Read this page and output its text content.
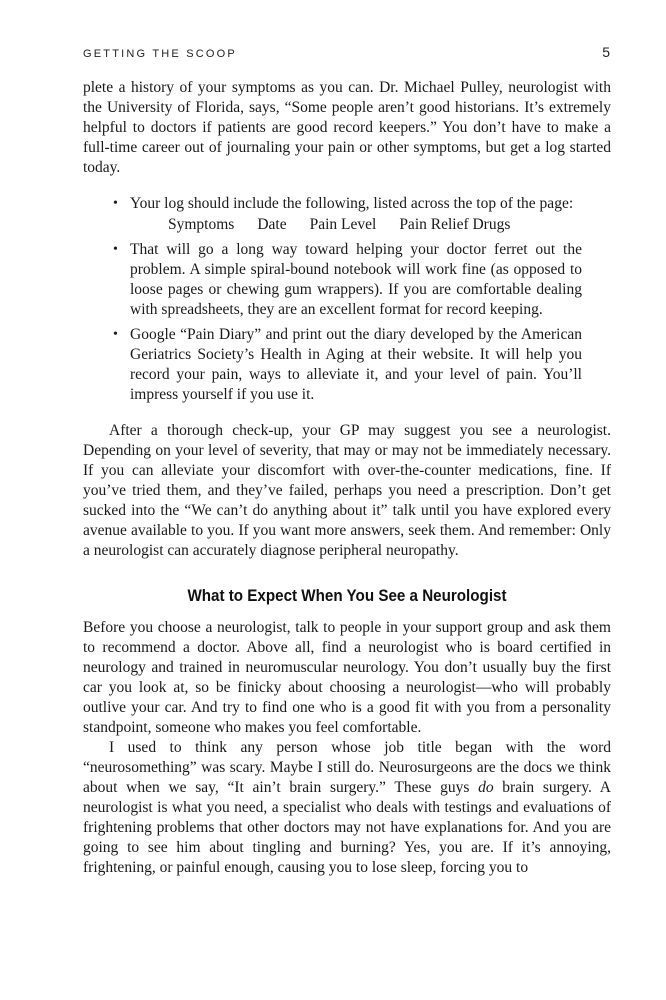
GETTING THE SCOOP	5

plete a history of your symptoms as you can. Dr. Michael Pulley, neurologist with the University of Florida, says, “Some people aren’t good historians. It’s extremely helpful to doctors if patients are good record keepers.” You don’t have to make a full-time career out of journaling your pain or other symptoms, but get a log started today.

• Your log should include the following, listed across the top of the page:
Symptoms Date Pain Level Pain Relief Drugs
• That will go a long way toward helping your doctor ferret out the problem. A simple spiral-bound notebook will work fine (as opposed to loose pages or chewing gum wrappers). If you are comfortable dealing with spreadsheets, they are an excellent format for record keeping.
• Google “Pain Diary” and print out the diary developed by the American Geriatrics Society’s Health in Aging at their website. It will help you record your pain, ways to alleviate it, and your level of pain. You’ll impress yourself if you use it.

After a thorough check-up, your GP may suggest you see a neurologist. Depending on your level of severity, that may or may not be immediately necessary. If you can alleviate your discomfort with over-the-counter medications, fine. If you’ve tried them, and they’ve failed, perhaps you need a prescription. Don’t get sucked into the “We can’t do anything about it” talk until you have explored every avenue available to you. If you want more answers, seek them. And remember: Only a neurologist can accurately diagnose peripheral neuropathy.

What to Expect When You See a Neurologist

Before you choose a neurologist, talk to people in your support group and ask them to recommend a doctor. Above all, find a neurologist who is board certified in neurology and trained in neuromuscular neurology. You don’t usually buy the first car you look at, so be finicky about choosing a neurologist—who will probably outlive your car. And try to find one who is a good fit with you from a personality standpoint, someone who makes you feel comfortable.

I used to think any person whose job title began with the word “neurosomething” was scary. Maybe I still do. Neurosurgeons are the docs we think about when we say, “It ain’t brain surgery.” These guys do brain surgery. A neurologist is what you need, a specialist who deals with testings and evaluations of frightening problems that other doctors may not have explanations for. And you are going to see him about tingling and burning? Yes, you are. If it’s annoying, frightening, or painful enough, causing you to lose sleep, forcing you to
